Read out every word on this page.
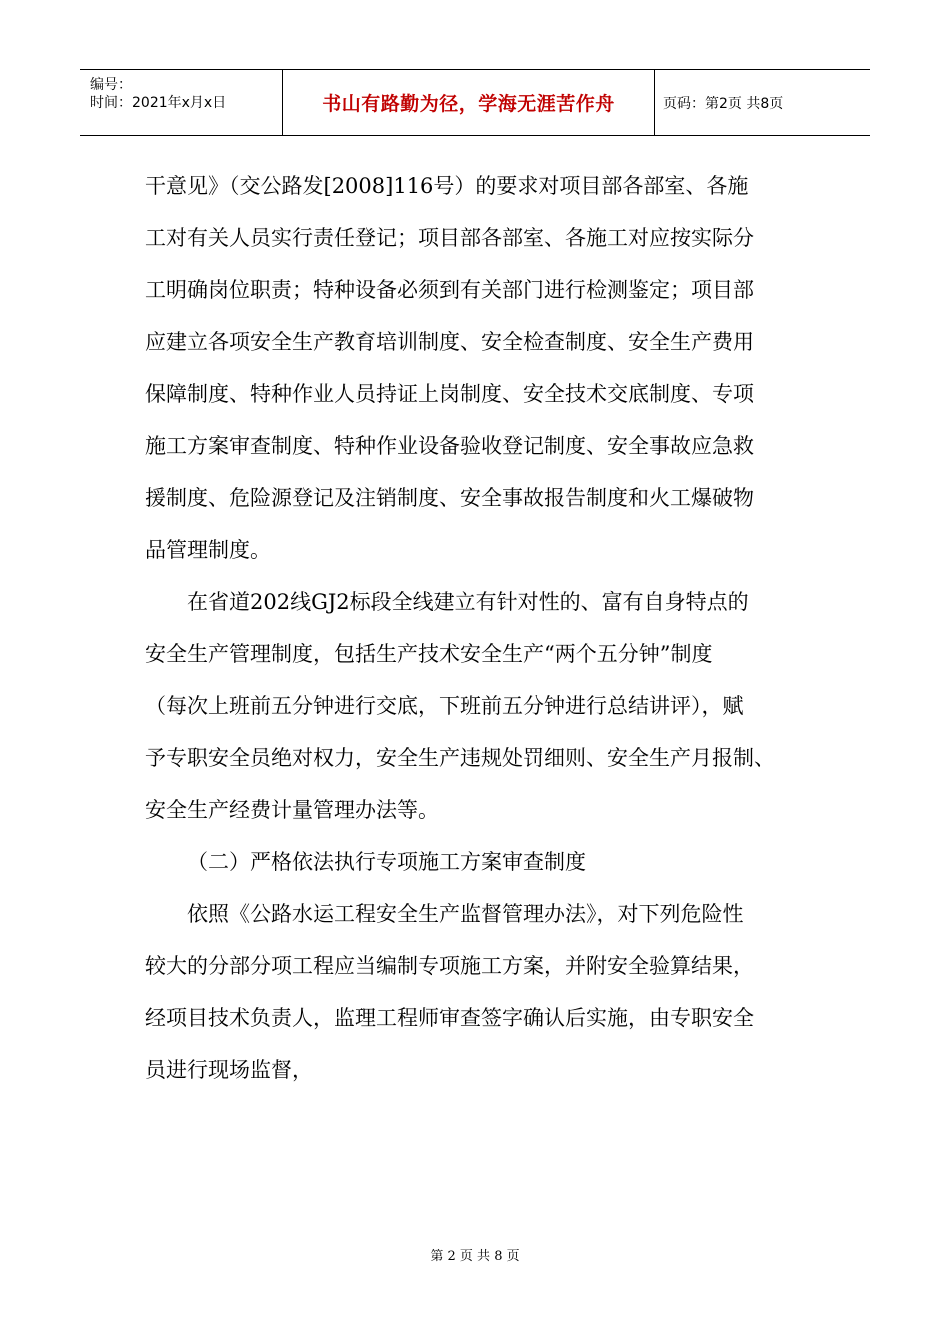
编号：
时间：2021年x月x日	书山有路勤为径，学海无涯苦作舟	页码：第2页 共8页
干意见》（交公路发[2008]116号）的要求对项目部各部室、各施
工对有关人员实行责任登记；项目部各部室、各施工对应按实际分
工明确岗位职责；特种设备必须到有关部门进行检测鉴定；项目部
应建立各项安全生产教育培训制度、安全检查制度、安全生产费用
保障制度、特种作业人员持证上岗制度、安全技术交底制度、专项
施工方案审查制度、特种作业设备验收登记制度、安全事故应急救
援制度、危险源登记及注销制度、安全事故报告制度和火工爆破物
品管理制度。
在省道202线GJ2标段全线建立有针对性的、富有自身特点的
安全生产管理制度，包括生产技术安全生产“两个五分钟”制度
（每次上班前五分钟进行交底，下班前五分钟进行总结讲评），赋
予专职安全员绝对权力，安全生产违规处罚细则、安全生产月报制、
安全生产经费计量管理办法等。
（二）严格依法执行专项施工方案审查制度
依照《公路水运工程安全生产监督管理办法》，对下列危险性
较大的分部分项工程应当编制专项施工方案，并附安全验算结果，
经项目技术负责人，监理工程师审查签字确认后实施，由专职安全
员进行现场监督，
第 2 页 共 8 页
